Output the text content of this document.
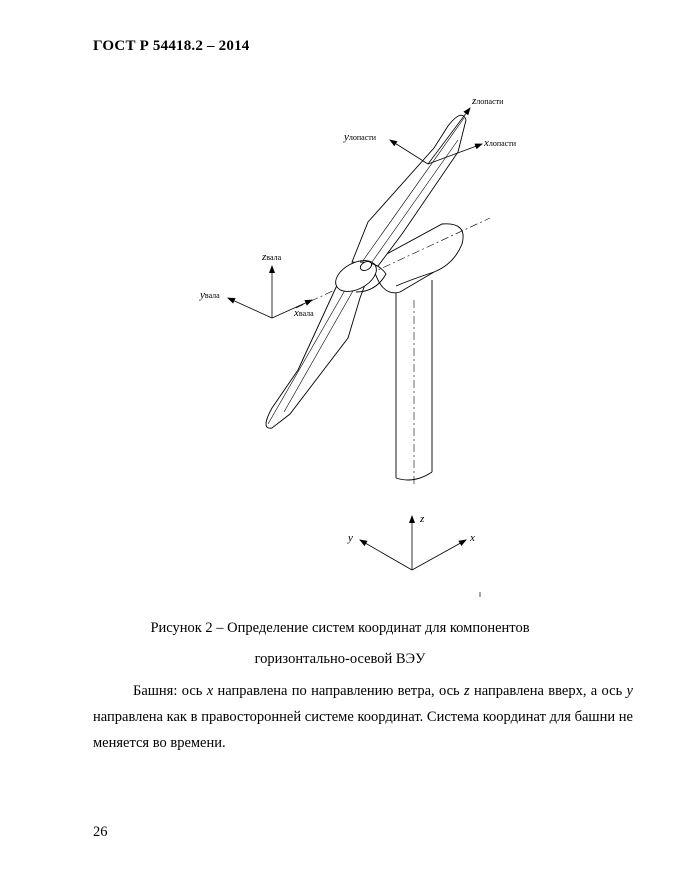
ГОСТ Р 54418.2 – 2014
zлопасти
yлопасти	xлопасти
zвала
yвала
xвала
z
y	x
Рисунок 2 – Определение систем координат для компонентов
горизонтально-осевой ВЭУ

Башня: ось x направлена по направлению ветра, ось z направлена вверх, а ось y направлена как в правосторонней системе координат. Система координат для башни не меняется во времени.

26
